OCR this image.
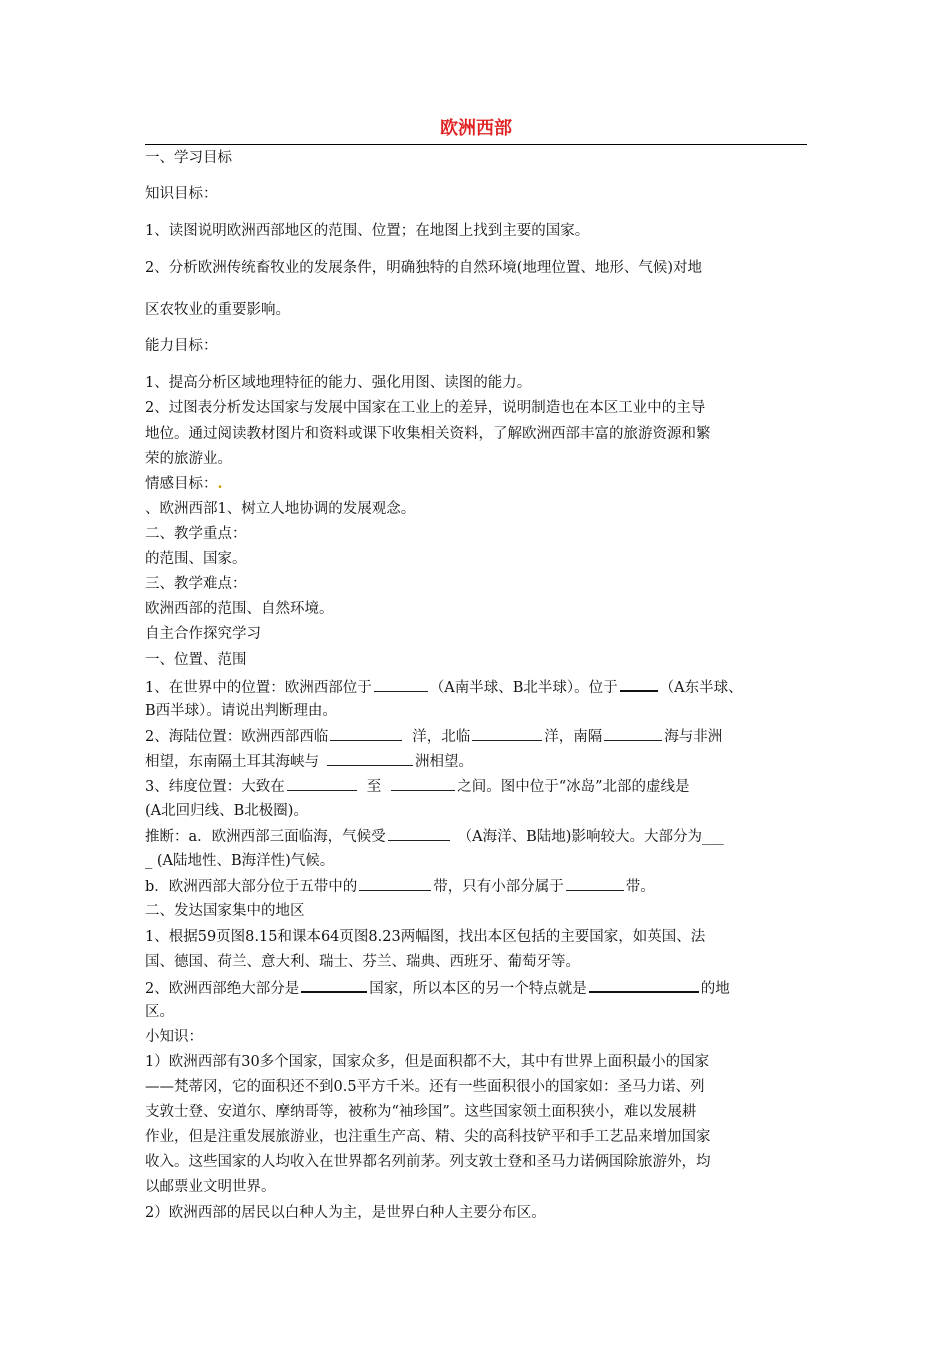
欧洲西部
一、学习目标
知识目标：
1、读图说明欧洲西部地区的范围、位置；在地图上找到主要的国家。
2、分析欧洲传统畜牧业的发展条件，明确独特的自然环境(地理位置、地形、气候)对地
区农牧业的重要影响。
能力目标：
1、提高分析区域地理特征的能力、强化用图、读图的能力。
2、过图表分析发达国家与发展中国家在工业上的差异，说明制造也在本区工业中的主导
地位。通过阅读教材图片和资料或课下收集相关资料，了解欧洲西部丰富的旅游资源和繁
荣的旅游业。
情感目标：.
、欧洲西部1、树立人地协调的发展观念。
二、教学重点：
的范围、国家。
三、教学难点：
欧洲西部的范围、自然环境。
自主合作探究学习
一、位置、范围
1、在世界中的位置：欧洲西部位于	（A南半球、B北半球）。位于	（A东半球、
B西半球）。请说出判断理由。
2、海陆位置：欧洲西部西临	洋，北临	洋，南隔	海与非洲
相望，东南隔土耳其海峡与	洲相望。
3、纬度位置：大致在	至	之间。图中位于“冰岛”北部的虚线是
(A北回归线、B北极圈)。
推断：a．欧洲西部三面临海，气候受	（A海洋、B陆地)影响较大。大部分为___
_ (A陆地性、B海洋性)气候。
b．欧洲西部大部分位于五带中的	带，只有小部分属于	带。
二、发达国家集中的地区
1、根据59页图8.15和课本64页图8.23两幅图，找出本区包括的主要国家，如英国、法
国、德国、荷兰、意大利、瑞士、芬兰、瑞典、西班牙、葡萄牙等。
2、欧洲西部绝大部分是	国家，所以本区的另一个特点就是	的地
区。
小知识：
1）欧洲西部有30多个国家，国家众多，但是面积都不大，其中有世界上面积最小的国家
——梵蒂冈，它的面积还不到0.5平方千米。还有一些面积很小的国家如：圣马力诺、列
支敦士登、安道尔、摩纳哥等，被称为“袖珍国”。这些国家领土面积狭小，难以发展耕
作业，但是注重发展旅游业，也注重生产高、精、尖的高科技铲平和手工艺品来增加国家
收入。这些国家的人均收入在世界都名列前茅。列支敦士登和圣马力诺俩国除旅游外，均
以邮票业文明世界。
2）欧洲西部的居民以白种人为主，是世界白种人主要分布区。
